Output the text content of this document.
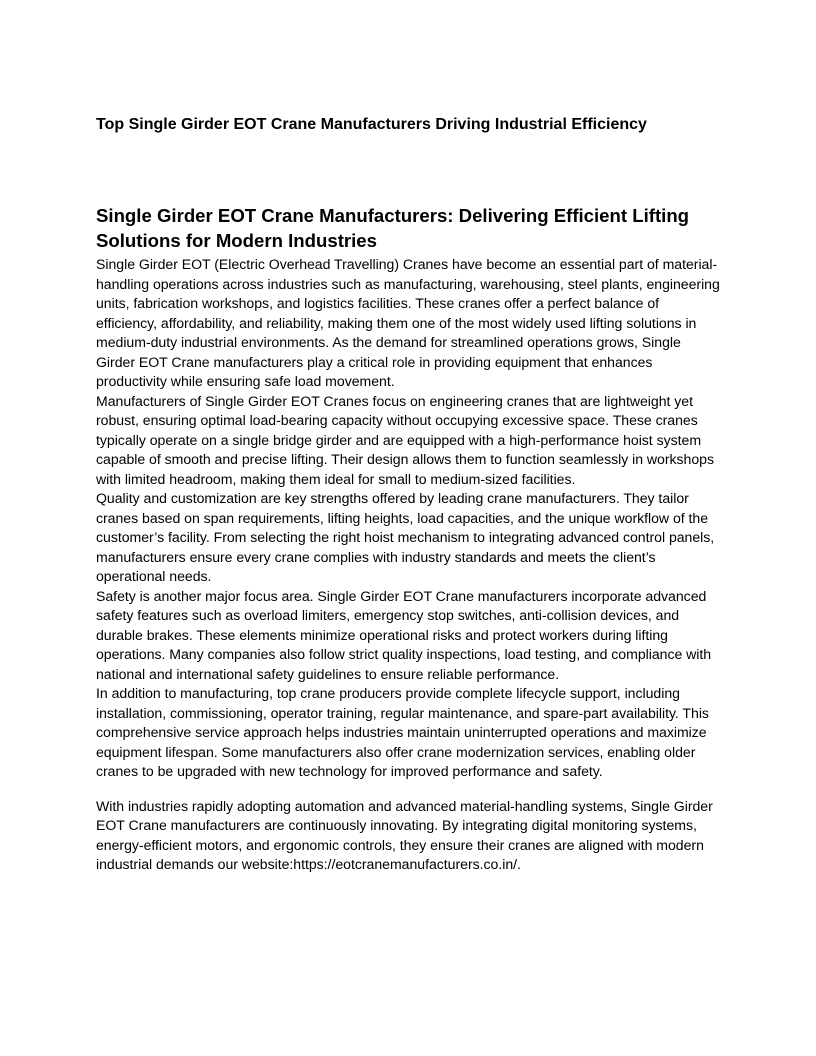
Top Single Girder EOT Crane Manufacturers Driving Industrial Efficiency
Single Girder EOT Crane Manufacturers: Delivering Efficient Lifting Solutions for Modern Industries

Single Girder EOT (Electric Overhead Travelling) Cranes have become an essential part of material-handling operations across industries such as manufacturing, warehousing, steel plants, engineering units, fabrication workshops, and logistics facilities. These cranes offer a perfect balance of efficiency, affordability, and reliability, making them one of the most widely used lifting solutions in medium-duty industrial environments. As the demand for streamlined operations grows, Single Girder EOT Crane manufacturers play a critical role in providing equipment that enhances productivity while ensuring safe load movement.

Manufacturers of Single Girder EOT Cranes focus on engineering cranes that are lightweight yet robust, ensuring optimal load-bearing capacity without occupying excessive space. These cranes typically operate on a single bridge girder and are equipped with a high-performance hoist system capable of smooth and precise lifting. Their design allows them to function seamlessly in workshops with limited headroom, making them ideal for small to medium-sized facilities.

Quality and customization are key strengths offered by leading crane manufacturers. They tailor cranes based on span requirements, lifting heights, load capacities, and the unique workflow of the customer’s facility. From selecting the right hoist mechanism to integrating advanced control panels, manufacturers ensure every crane complies with industry standards and meets the client’s operational needs.

Safety is another major focus area. Single Girder EOT Crane manufacturers incorporate advanced safety features such as overload limiters, emergency stop switches, anti-collision devices, and durable brakes. These elements minimize operational risks and protect workers during lifting operations. Many companies also follow strict quality inspections, load testing, and compliance with national and international safety guidelines to ensure reliable performance.

In addition to manufacturing, top crane producers provide complete lifecycle support, including installation, commissioning, operator training, regular maintenance, and spare-part availability. This comprehensive service approach helps industries maintain uninterrupted operations and maximize equipment lifespan. Some manufacturers also offer crane modernization services, enabling older cranes to be upgraded with new technology for improved performance and safety.

With industries rapidly adopting automation and advanced material-handling systems, Single Girder EOT Crane manufacturers are continuously innovating. By integrating digital monitoring systems, energy-efficient motors, and ergonomic controls, they ensure their cranes are aligned with modern industrial demands our website:https://eotcranemanufacturers.co.in/.
